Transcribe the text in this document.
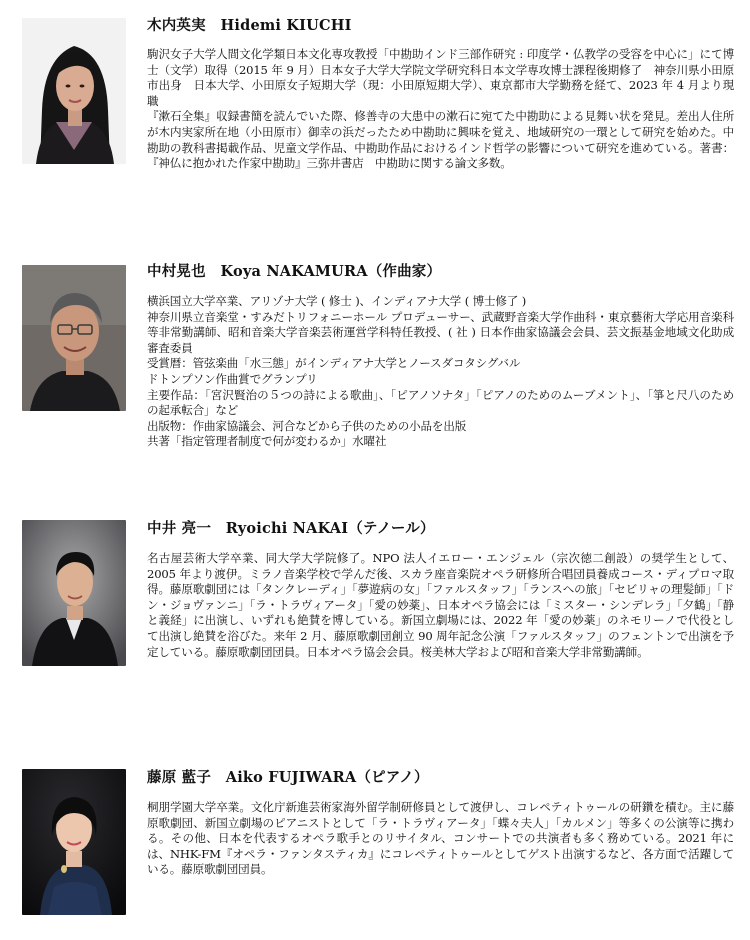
木内英実　Hidemi KIUCHI

駒沢女子大学人間文化学類日本文化専攻教授「中勘助インド三部作研究 : 印度学・仏教学の受容を中心に」にて博士（文学）取得（2015 年 9 月）日本女子大学大学院文学研究科日本文学専攻博士課程後期修了　神奈川県小田原市出身　日本大学、小田原女子短期大学（現：小田原短期大学）、東京都市大学勤務を経て、2023 年 4 月より現職

『漱石全集』収録書簡を読んでいた際、修善寺の大患中の漱石に宛てた中勘助による見舞い状を発見。差出人住所が木内実家所在地（小田原市）御幸の浜だったため中勘助に興味を覚え、地域研究の一環として研究を始めた。中勘助の教科書掲載作品、児童文学作品、中勘助作品におけるインド哲学の影響について研究を進めている。著書：『神仏に抱かれた作家中勘助』三弥井書店　中勘助に関する論文多数。

中村晃也　Koya NAKAMURA（作曲家）

横浜国立大学卒業、アリゾナ大学 ( 修士 )、インディアナ大学 ( 博士修了 )

神奈川県立音楽堂・すみだトリフォニーホール プロデューサー、武蔵野音楽大学作曲科・東京藝術大学応用音楽科等非常勤講師、昭和音楽大学音楽芸術運営学科特任教授、( 社 ) 日本作曲家協議会会員、芸文振基金地域文化助成審査委員

受賞暦：管弦楽曲「水三態」がインディアナ大学とノースダコタシグバル

ドトンプソン作曲賞でグランプリ

主要作品：「宮沢賢治の５つの詩による歌曲」、「ピアノソナタ」「ピアノのためのムーブメント」、「箏と尺八のための起承転合」など

出版物：作曲家協議会、河合などから子供のための小品を出版

共著「指定管理者制度で何が変わるか」水曜社

中井 亮一　Ryoichi NAKAI（テノール）

名古屋芸術大学卒業、同大学大学院修了。NPO 法人イエロー・エンジェル（宗次徳二創設）の奨学生として、2005 年より渡伊。ミラノ音楽学校で学んだ後、スカラ座音楽院オペラ研修所合唱団員養成コース・ディプロマ取得。藤原歌劇団には「タンクレーディ」「夢遊病の女」「ファルスタッフ」「ランスへの旅」「セビリャの理髪師」「ドン・ジョヴァンニ」「ラ・トラヴィアータ」「愛の妙薬」、日本オペラ協会には「ミスター・シンデレラ」「夕鶴」「静と義経」に出演し、いずれも絶賛を博している。新国立劇場には、2022 年「愛の妙薬」のネモリーノで代役として出演し絶賛を浴びた。来年 2 月、藤原歌劇団創立 90 周年記念公演「ファルスタッフ」のフェントンで出演を予定している。藤原歌劇団団員。日本オペラ協会会員。桜美林大学および昭和音楽大学非常勤講師。

藤原 藍子　Aiko FUJIWARA（ピアノ）

桐朋学園大学卒業。文化庁新進芸術家海外留学制研修員として渡伊し、コレペティトゥールの研鑽を積む。主に藤原歌劇団、新国立劇場のピアニストとして「ラ・トラヴィアータ」「蝶々夫人」「カルメン」等多くの公演等に携わる。その他、日本を代表するオペラ歌手とのリサイタル、コンサートでの共演者も多く務めている。2021 年には、NHK-FM『オペラ・ファンタスティカ』にコレペティトゥールとしてゲスト出演するなど、各方面で活躍している。藤原歌劇団団員。
